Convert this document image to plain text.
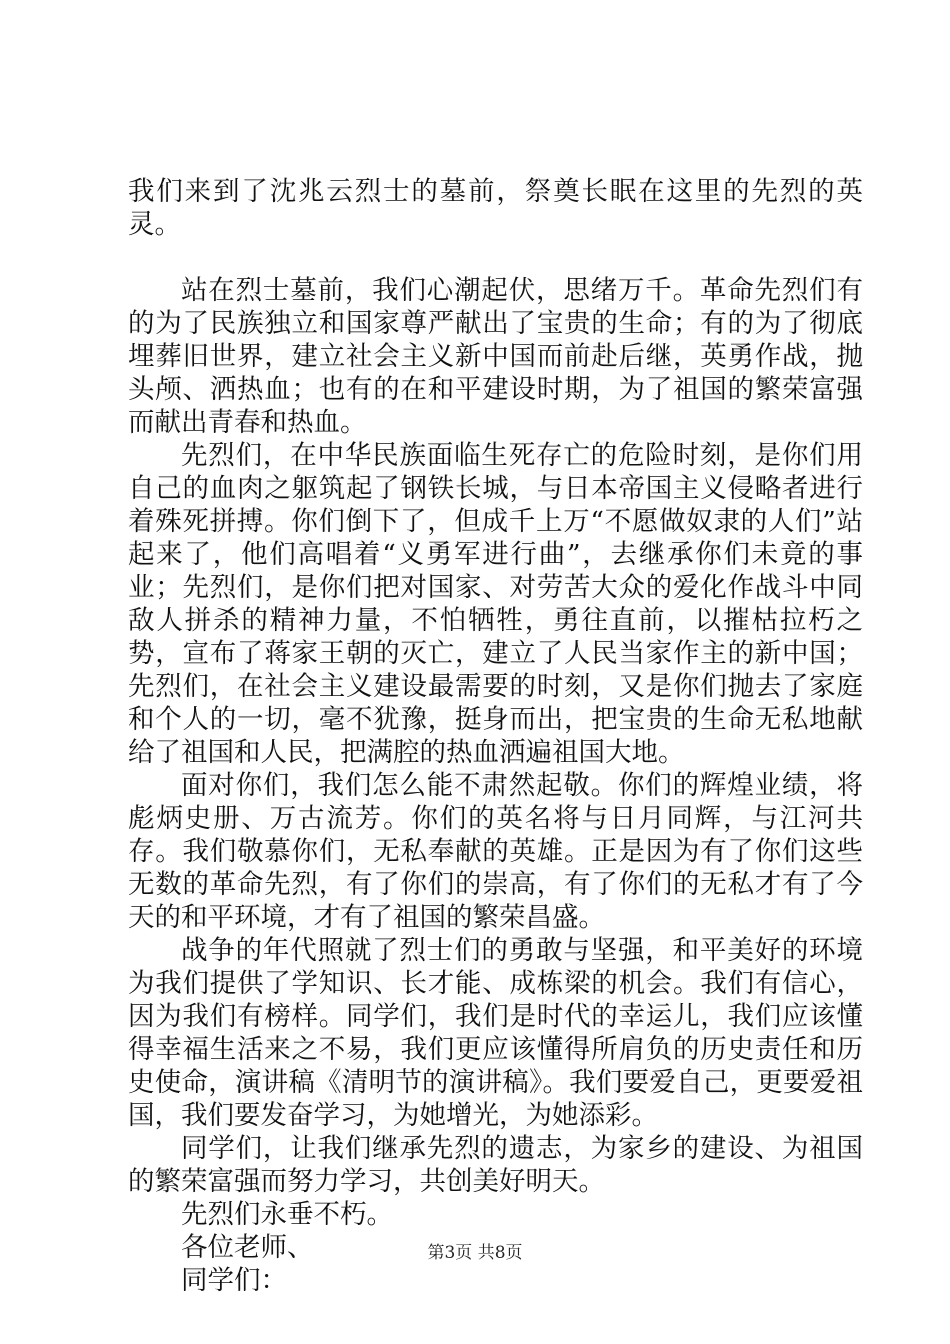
我们来到了沈兆云烈士的墓前，祭奠长眠在这里的先烈的英灵。

站在烈士墓前，我们心潮起伏，思绪万千。革命先烈们有的为了民族独立和国家尊严献出了宝贵的生命；有的为了彻底埋葬旧世界，建立社会主义新中国而前赴后继，英勇作战，抛头颅、洒热血；也有的在和平建设时期，为了祖国的繁荣富强而献出青春和热血。

先烈们，在中华民族面临生死存亡的危险时刻，是你们用自己的血肉之躯筑起了钢铁长城，与日本帝国主义侵略者进行着殊死拼搏。你们倒下了，但成千上万“不愿做奴隶的人们”站起来了，他们高唱着“义勇军进行曲”，去继承你们未竟的事业；先烈们，是你们把对国家、对劳苦大众的爱化作战斗中同敌人拼杀的精神力量，不怕牺牲，勇往直前，以摧枯拉朽之势，宣布了蒋家王朝的灭亡，建立了人民当家作主的新中国；先烈们，在社会主义建设最需要的时刻，又是你们抛去了家庭和个人的一切，毫不犹豫，挺身而出，把宝贵的生命无私地献给了祖国和人民，把满腔的热血洒遍祖国大地。

面对你们，我们怎么能不肃然起敬。你们的辉煌业绩，将彪炳史册、万古流芳。你们的英名将与日月同辉，与江河共存。我们敬慕你们，无私奉献的英雄。正是因为有了你们这些无数的革命先烈，有了你们的崇高，有了你们的无私才有了今天的和平环境，才有了祖国的繁荣昌盛。

战争的年代照就了烈士们的勇敢与坚强，和平美好的环境为我们提供了学知识、长才能、成栋梁的机会。我们有信心，因为我们有榜样。同学们，我们是时代的幸运儿，我们应该懂得幸福生活来之不易，我们更应该懂得所肩负的历史责任和历史使命，演讲稿《清明节的演讲稿》。我们要爱自己，更要爱祖国，我们要发奋学习，为她增光，为她添彩。

同学们，让我们继承先烈的遗志，为家乡的建设、为祖国的繁荣富强而努力学习，共创美好明天。

先烈们永垂不朽。

各位老师、

同学们：

第3页 共8页
